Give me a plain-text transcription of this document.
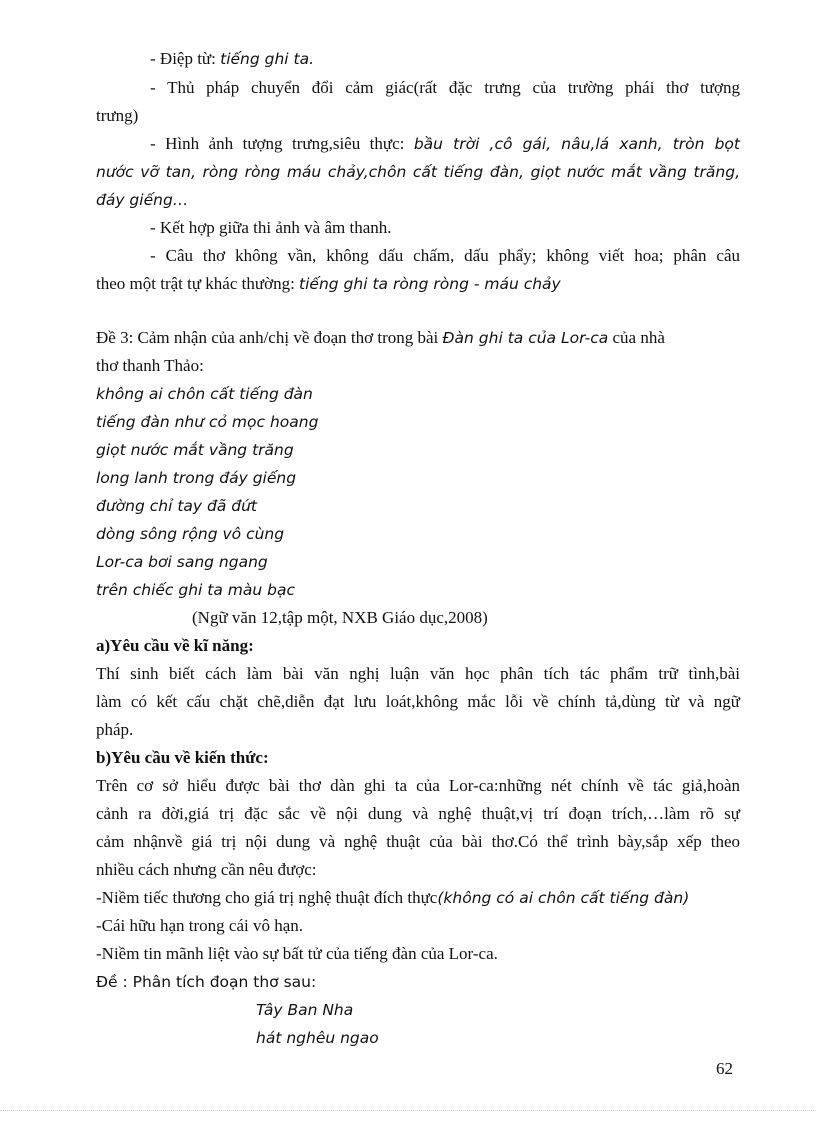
- Điệp từ: tiếng ghi ta.
- Thủ pháp chuyển đổi cảm giác(rất đặc trưng của trường phái thơ tượng
trưng)
- Hình ảnh tượng trưng,siêu thực: bầu trời ,cô gái, nâu,lá xanh, tròn bọt
nước vỡ tan, ròng ròng máu chảy,chôn cất tiếng đàn, giọt nước mắt vầng trăng,
đáy giếng…
- Kết hợp giữa thi ảnh và âm thanh.
- Câu thơ không vần, không dấu chấm, dấu phẩy; không viết hoa; phân câu
theo một trật tự khác thường: tiếng ghi ta ròng ròng - máu chảy
Đề 3: Cảm nhận của anh/chị về đoạn thơ trong bài Đàn ghi ta của Lor-ca của nhà
thơ thanh Thảo:
không ai chôn cất tiếng đàn
tiếng đàn như cỏ mọc hoang
giọt nước mắt vầng trăng
long lanh trong đáy giếng
đường chỉ tay đã đứt
dòng sông rộng vô cùng
Lor-ca bơi sang ngang
trên chiếc ghi ta màu bạc
(Ngữ văn 12,tập một, NXB Giáo dục,2008)
a)Yêu cầu về kĩ năng:
Thí sinh biết cách làm bài văn nghị luận văn học phân tích tác phẩm trữ tình,bài
làm có kết cấu chặt chẽ,diễn đạt lưu loát,không mắc lỗi về chính tả,dùng từ và ngữ
pháp.
b)Yêu cầu về kiến thức:
Trên cơ sở hiểu được bài thơ dàn ghi ta của Lor-ca:những nét chính về tác giả,hoàn
cảnh ra đời,giá trị đặc sắc về nội dung và nghệ thuật,vị trí đoạn trích,…làm rõ sự
cảm nhậnvề giá trị nội dung và nghệ thuật của bài thơ.Có thể trình bày,sắp xếp theo
nhiều cách nhưng cần nêu được:
-Niềm tiếc thương cho giá trị nghệ thuật đích thực(không có ai chôn cất tiếng đàn)
-Cái hữu hạn trong cái vô hạn.
-Niềm tin mãnh liệt vào sự bất tử của tiếng đàn của Lor-ca.
Đề : Phân tích đoạn thơ sau:
Tây Ban Nha
hát nghêu ngao
62
